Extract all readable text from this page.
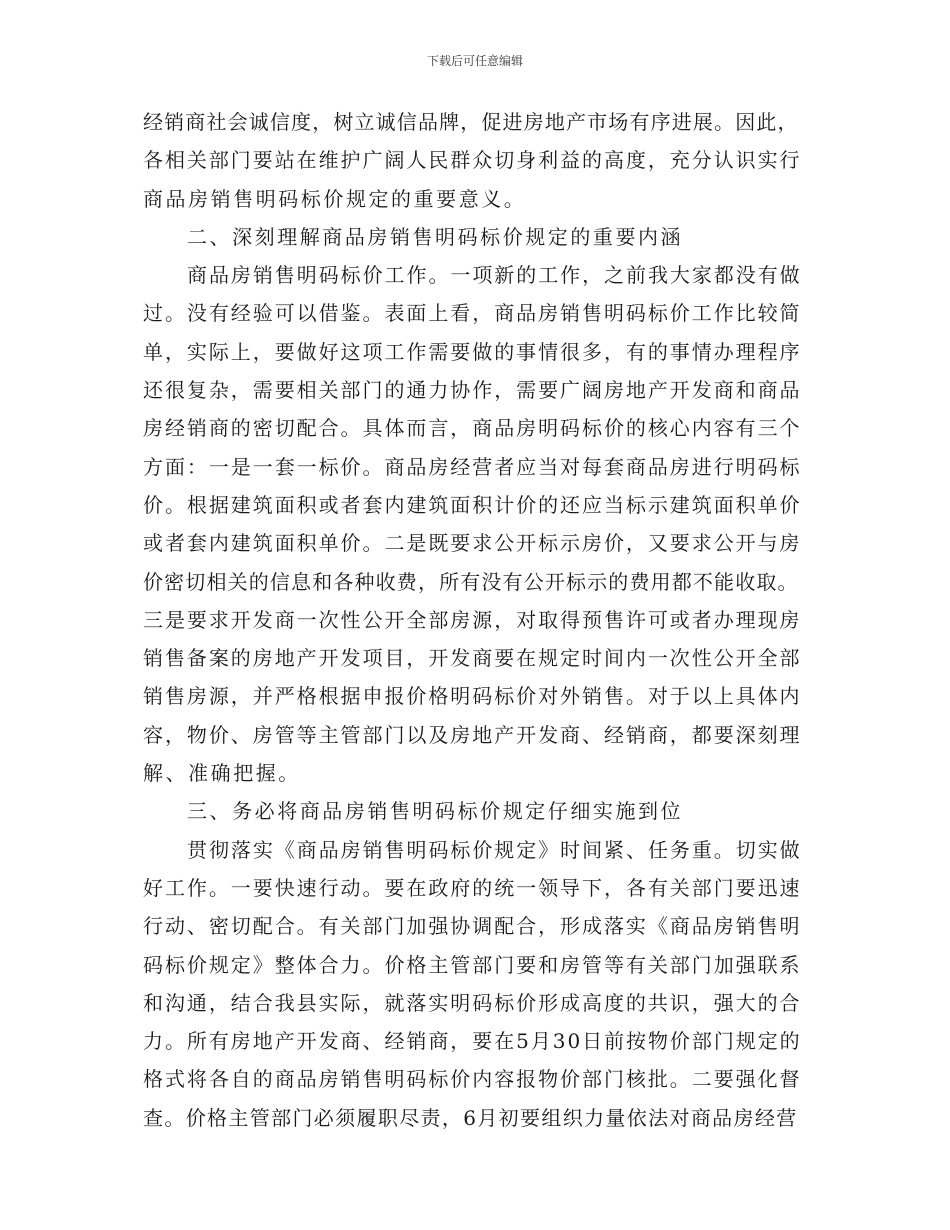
下载后可任意编辑
经销商社会诚信度，树立诚信品牌，促进房地产市场有序进展。因此，
各相关部门要站在维护广阔人民群众切身利益的高度，充分认识实行
商品房销售明码标价规定的重要意义。
二、深刻理解商品房销售明码标价规定的重要内涵
商品房销售明码标价工作。一项新的工作，之前我大家都没有做
过。没有经验可以借鉴。表面上看，商品房销售明码标价工作比较简
单，实际上，要做好这项工作需要做的事情很多，有的事情办理程序
还很复杂，需要相关部门的通力协作，需要广阔房地产开发商和商品
房经销商的密切配合。具体而言，商品房明码标价的核心内容有三个
方面：一是一套一标价。商品房经营者应当对每套商品房进行明码标
价。根据建筑面积或者套内建筑面积计价的还应当标示建筑面积单价
或者套内建筑面积单价。二是既要求公开标示房价，又要求公开与房
价密切相关的信息和各种收费，所有没有公开标示的费用都不能收取。
三是要求开发商一次性公开全部房源，对取得预售许可或者办理现房
销售备案的房地产开发项目，开发商要在规定时间内一次性公开全部
销售房源，并严格根据申报价格明码标价对外销售。对于以上具体内
容，物价、房管等主管部门以及房地产开发商、经销商，都要深刻理
解、准确把握。
三、务必将商品房销售明码标价规定仔细实施到位
贯彻落实《商品房销售明码标价规定》时间紧、任务重。切实做
好工作。一要快速行动。要在政府的统一领导下，各有关部门要迅速
行动、密切配合。有关部门加强协调配合，形成落实《商品房销售明
码标价规定》整体合力。价格主管部门要和房管等有关部门加强联系
和沟通，结合我县实际，就落实明码标价形成高度的共识，强大的合
力。所有房地产开发商、经销商，要在5月30日前按物价部门规定的
格式将各自的商品房销售明码标价内容报物价部门核批。二要强化督
查。价格主管部门必须履职尽责，6月初要组织力量依法对商品房经营
